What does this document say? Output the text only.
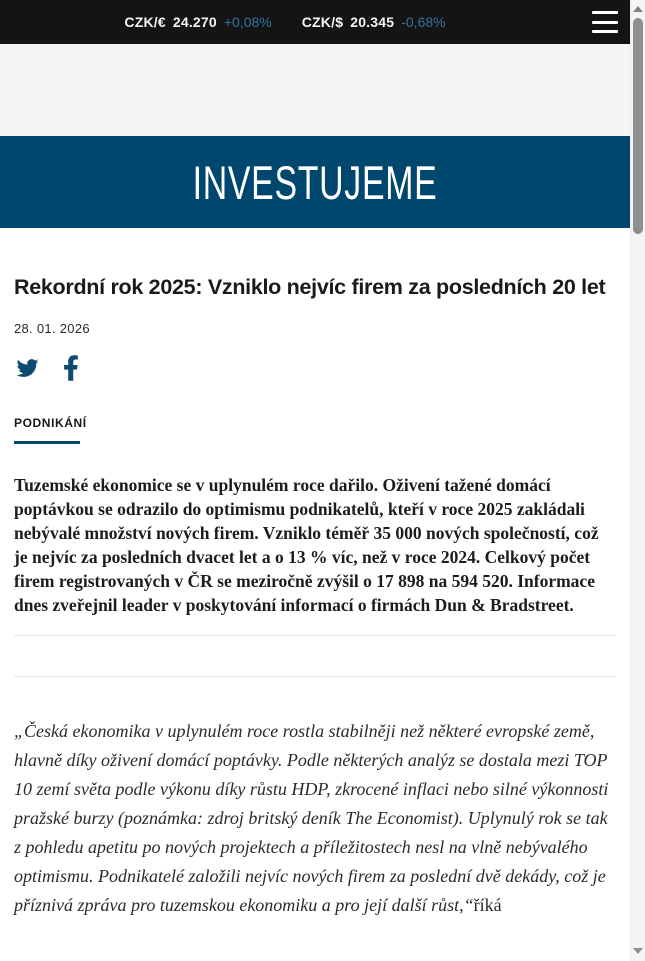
CZK/€ 24.270 +0,08% CZK/$ 20.345 -0,68%
INVESTUJEME
Rekordní rok 2025: Vzniklo nejvíc firem za posledních 20 let
28. 01. 2026
PODNIKÁNÍ

Tuzemské ekonomice se v uplynulém roce dařilo. Oživení tažené domácí poptávkou se odrazilo do optimismu podnikatelů, kteří v roce 2025 zakládali nebývalé množství nových firem. Vzniklo téměř 35 000 nových společností, což je nejvíc za posledních dvacet let a o 13 % víc, než v roce 2024. Celkový počet firem registrovaných v ČR se meziročně zvýšil o 17 898 na 594 520. Informace dnes zveřejnil leader v poskytování informací o firmách Dun & Bradstreet.

„Česká ekonomika v uplynulém roce rostla stabilněji než některé evropské země, hlavně díky oživení domácí poptávky. Podle některých analýz se dostala mezi TOP 10 zemí světa podle výkonu díky růstu HDP, zkrocené inflaci nebo silné výkonnosti pražské burzy (poznámka: zdroj britský deník The Economist). Uplynulý rok se tak z pohledu apetitu po nových projektech a příležitostech nesl na vlně nebývalého optimismu. Podnikatelé založili nejvíc nových firem za poslední dvě dekády, což je příznivá zpráva pro tuzemskou ekonomiku a pro její další růst,“říká
